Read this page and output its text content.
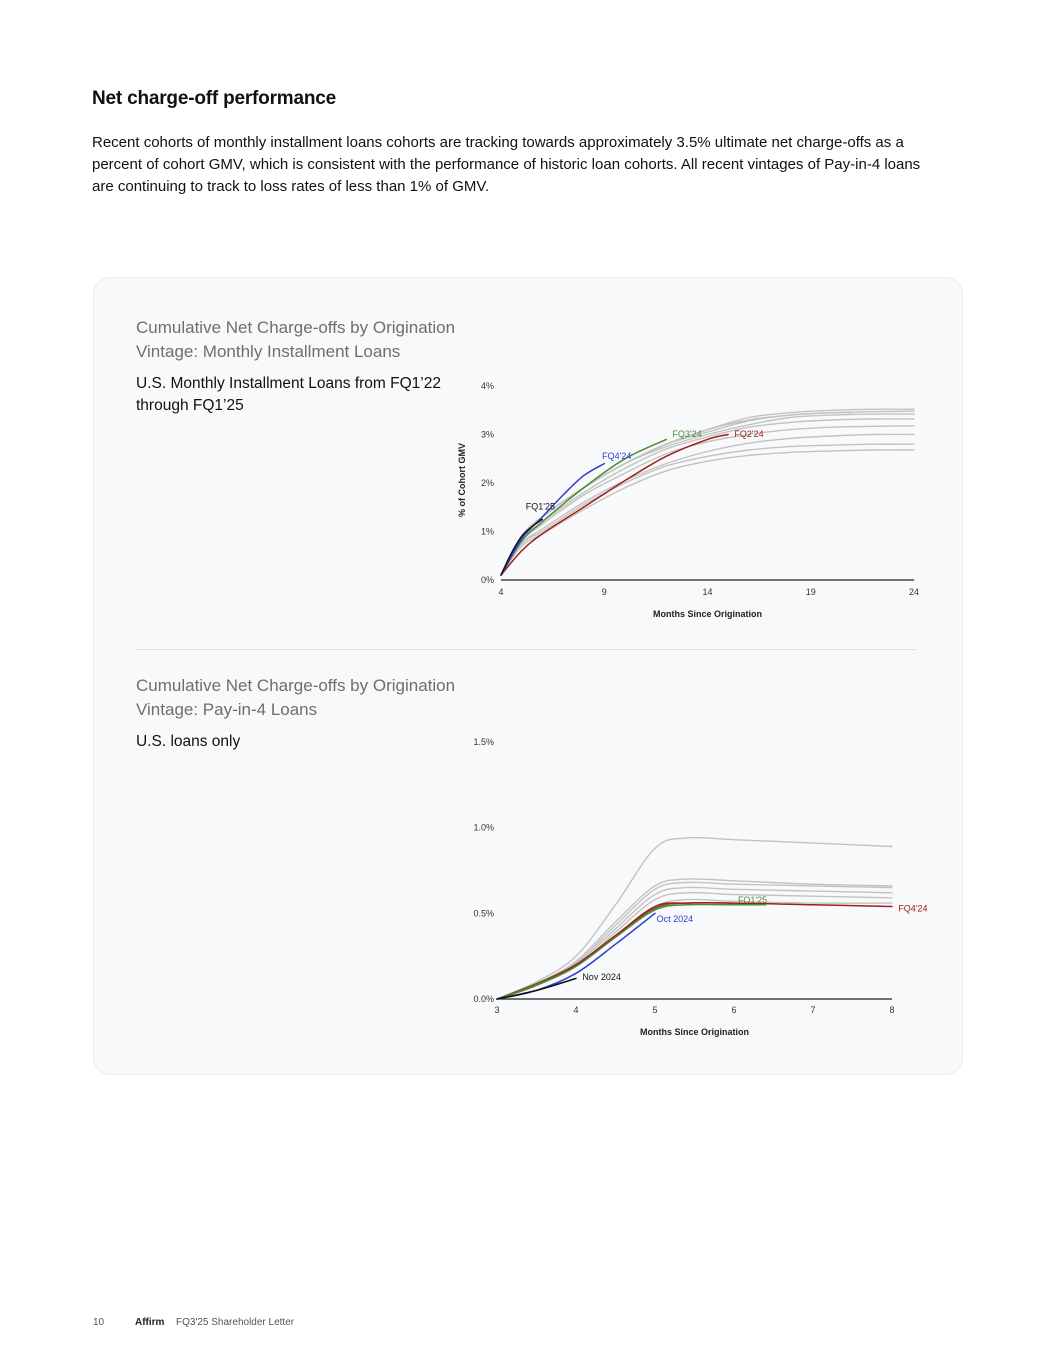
Net charge-off performance
Recent cohorts of monthly installment loans cohorts are tracking towards approximately 3.5% ultimate net charge-offs as a percent of cohort GMV, which is consistent with the performance of historic loan cohorts. All recent vintages of Pay-in-4 loans are continuing to track to loss rates of less than 1% of GMV.
Cumulative Net Charge-offs by Origination Vintage: Monthly Installment Loans
U.S. Monthly Installment Loans from FQ1’22 through FQ1’25
Cumulative Net Charge-offs by Origination Vintage: Pay-in-4 Loans
U.S. loans only
0%
1%
2%
3%
4%
4	9	14	19	24
Months Since Origination
% of Cohort GMV	FQ1'25
FQ4'24
FQ3'24	FQ2'24
0.0%
0.5%
1.0%
1.5%
3	4	5	6	7	8
Months Since Origination
Nov 2024
Oct 2024
FQ1'25
FQ4'24
10	Affirm FQ3'25 Shareholder Letter
